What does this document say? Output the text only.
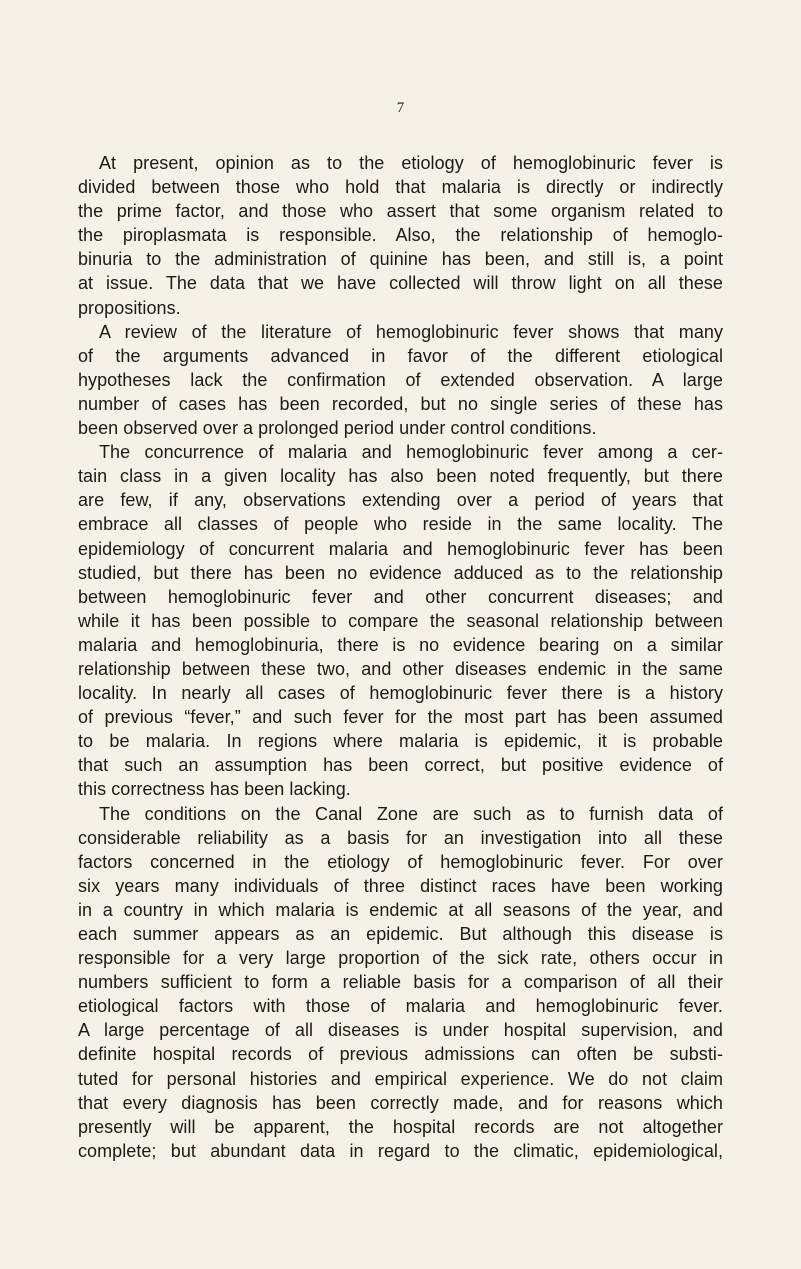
7
At present, opinion as to the etiology of hemoglobinuric fever is
divided between those who hold that malaria is directly or indirectly
the prime factor, and those who assert that some organism related to
the piroplasmata is responsible. Also, the relationship of hemoglo-
binuria to the administration of quinine has been, and still is, a point
at issue. The data that we have collected will throw light on all these
propositions.
A review of the literature of hemoglobinuric fever shows that many
of the arguments advanced in favor of the different etiological
hypotheses lack the confirmation of extended observation. A large
number of cases has been recorded, but no single series of these has
been observed over a prolonged period under control conditions.
The concurrence of malaria and hemoglobinuric fever among a cer-
tain class in a given locality has also been noted frequently, but there
are few, if any, observations extending over a period of years that
embrace all classes of people who reside in the same locality. The
epidemiology of concurrent malaria and hemoglobinuric fever has been
studied, but there has been no evidence adduced as to the relationship
between hemoglobinuric fever and other concurrent diseases; and
while it has been possible to compare the seasonal relationship between
malaria and hemoglobinuria, there is no evidence bearing on a similar
relationship between these two, and other diseases endemic in the same
locality. In nearly all cases of hemoglobinuric fever there is a history
of previous “fever,” and such fever for the most part has been assumed
to be malaria. In regions where malaria is epidemic, it is probable
that such an assumption has been correct, but positive evidence of
this correctness has been lacking.
The conditions on the Canal Zone are such as to furnish data of
considerable reliability as a basis for an investigation into all these
factors concerned in the etiology of hemoglobinuric fever. For over
six years many individuals of three distinct races have been working
in a country in which malaria is endemic at all seasons of the year, and
each summer appears as an epidemic. But although this disease is
responsible for a very large proportion of the sick rate, others occur in
numbers sufficient to form a reliable basis for a comparison of all their
etiological factors with those of malaria and hemoglobinuric fever.
A large percentage of all diseases is under hospital supervision, and
definite hospital records of previous admissions can often be substi-
tuted for personal histories and empirical experience. We do not claim
that every diagnosis has been correctly made, and for reasons which
presently will be apparent, the hospital records are not altogether
complete; but abundant data in regard to the climatic, epidemiological,
